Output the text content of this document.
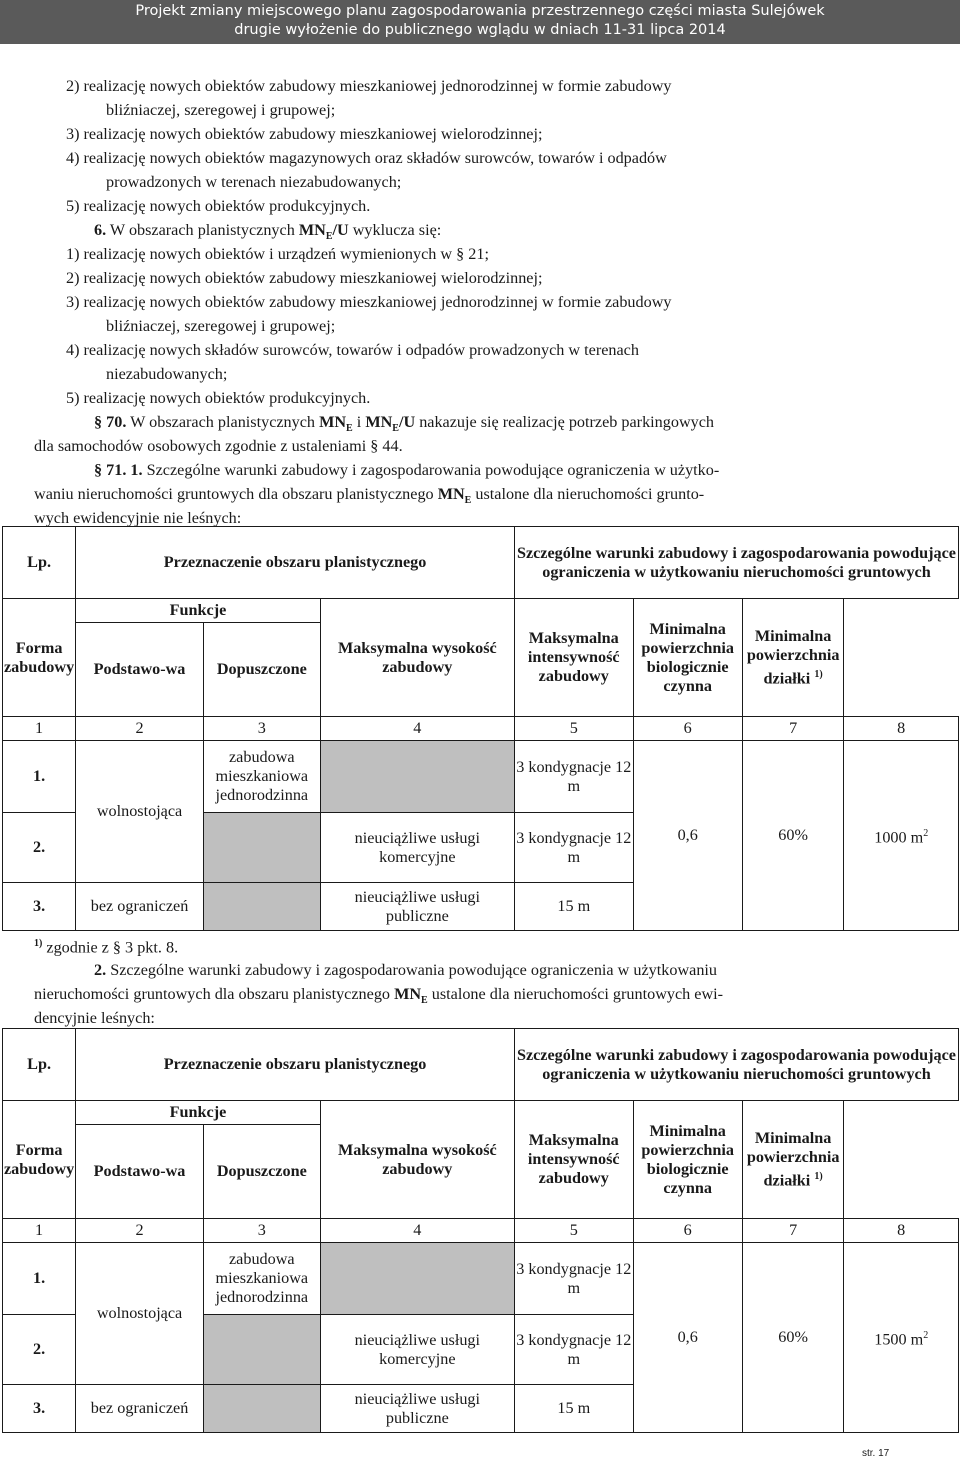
Projekt zmiany miejscowego planu zagospodarowania przestrzennego części miasta Sulejówek
drugie wyłożenie do publicznego wglądu w dniach 11-31 lipca 2014
2) realizację nowych obiektów zabudowy mieszkaniowej jednorodzinnej w formie zabudowy
bliźniaczej, szeregowej i grupowej;
3) realizację nowych obiektów zabudowy mieszkaniowej wielorodzinnej;
4) realizację nowych obiektów magazynowych oraz składów surowców, towarów i odpadów
prowadzonych w terenach niezabudowanych;
5) realizację nowych obiektów produkcyjnych.
6. W obszarach planistycznych $MN_E/U$ wyklucza się:
1) realizację nowych obiektów i urządzeń wymienionych w § 21;
2) realizację nowych obiektów zabudowy mieszkaniowej wielorodzinnej;
3) realizację nowych obiektów zabudowy mieszkaniowej jednorodzinnej w formie zabudowy
bliźniaczej, szeregowej i grupowej;
4) realizację nowych składów surowców, towarów i odpadów prowadzonych w terenach
niezabudowanych;
5) realizację nowych obiektów produkcyjnych.
§ 70. W obszarach planistycznych $MN_E$ i $MN_E/U$ nakazuje się realizację potrzeb parkingowych
dla samochodów osobowych zgodnie z ustaleniami § 44.
§ 71. 1. Szczególne warunki zabudowy i zagospodarowania powodujące ograniczenia w użytko-
waniu nieruchomości gruntowych dla obszaru planistycznego $MN_E$ ustalone dla nieruchomości grunto-
wych ewidencyjnie nie leśnych:
Lp.	Przeznaczenie obszaru planistycznego			Szczególne warunki zabudowy i zagospodarowania powodujące ograniczenia w użytkowaniu nieruchomości gruntowych			

Forma zabudowy	Funkcje		Maksymalna wysokość zabudowy	Maksymalna intensywność zabudowy	Minimalna powierzchnia biologicznie czynna	Minimalna powierzchnia działki $^{1)}$
	Podstawo-wa	Dopuszczone					
1	2	3	4	5	6	7	8
1.	wolnostojąca	zabudowa mieszkaniowa jednorodzinna		3 kondygnacje 12 m	0,6	60%	1000 $m^2$
2.			nieuciążliwe usługi komercyjne	3 kondygnacje 12 m			
3.	bez ograniczeń		nieuciążliwe usługi publiczne	15 m			
$^{1)}$ zgodnie z § 3 pkt. 8.
2. Szczególne warunki zabudowy i zagospodarowania powodujące ograniczenia w użytkowaniu
nieruchomości gruntowych dla obszaru planistycznego $MN_E$ ustalone dla nieruchomości gruntowych ewi-
dencyjnie leśnych:
Lp.	Przeznaczenie obszaru planistycznego			Szczególne warunki zabudowy i zagospodarowania powodujące ograniczenia w użytkowaniu nieruchomości gruntowych			

Forma zabudowy	Funkcje		Maksymalna wysokość zabudowy	Maksymalna intensywność zabudowy	Minimalna powierzchnia biologicznie czynna	Minimalna powierzchnia działki $^{1)}$
	Podstawo-wa	Dopuszczone					
1	2	3	4	5	6	7	8
1.	wolnostojąca	zabudowa mieszkaniowa jednorodzinna		3 kondygnacje 12 m	0,6	60%	1500 $m^2$
2.			nieuciążliwe usługi komercyjne	3 kondygnacje 12 m			
3.	bez ograniczeń		nieuciążliwe usługi publiczne	15 m			
str. 17
